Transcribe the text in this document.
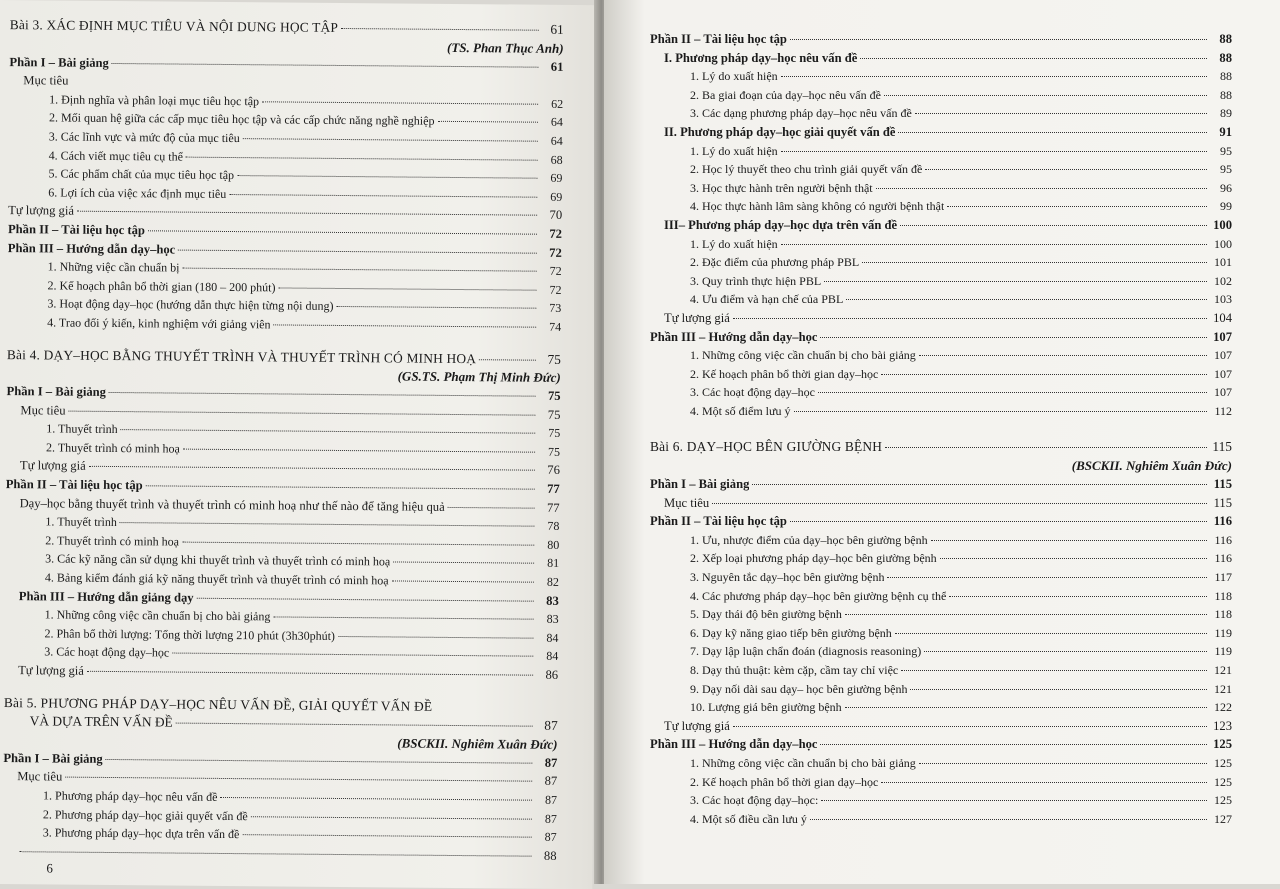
Bài 3. XÁC ĐỊNH MỤC TIÊU VÀ NỘI DUNG HỌC TẬP	61
(TS. Phan Thục Anh)
Phần I – Bài giảng	61
Mục tiêu
1. Định nghĩa và phân loại mục tiêu học tập	62
2. Mối quan hệ giữa các cấp mục tiêu học tập và các cấp chức năng nghề nghiệp	64
3. Các lĩnh vực và mức độ của mục tiêu	64
4. Cách viết mục tiêu cụ thể	68
5. Các phẩm chất của mục tiêu học tập	69
6. Lợi ích của việc xác định mục tiêu	69
Tự lượng giá	70
Phần II – Tài liệu học tập	72
Phần III – Hướng dẫn dạy–học	72
1. Những việc cần chuẩn bị	72
2. Kế hoạch phân bổ thời gian (180 – 200 phút)	72
3. Hoạt động dạy–học (hướng dẫn thực hiện từng nội dung)	73
4. Trao đổi ý kiến, kinh nghiệm với giảng viên	74
Bài 4. DẠY–HỌC BẰNG THUYẾT TRÌNH VÀ THUYẾT TRÌNH CÓ MINH HOẠ	75
(GS.TS. Phạm Thị Minh Đức)
Phần I – Bài giảng	75
Mục tiêu	75
1. Thuyết trình	75
2. Thuyết trình có minh hoạ	75
Tự lượng giá	76
Phần II – Tài liệu học tập	77
Dạy–học bằng thuyết trình và thuyết trình có minh hoạ như thế nào để tăng hiệu quả	77
1. Thuyết trình	78
2. Thuyết trình có minh hoạ	80
3. Các kỹ năng cần sử dụng khi thuyết trình và thuyết trình có minh hoạ	81
4. Bảng kiểm đánh giá kỹ năng thuyết trình và thuyết trình có minh hoạ	82
Phần III – Hướng dẫn giảng dạy	83
1. Những công việc cần chuẩn bị cho bài giảng	83
2. Phân bổ thời lượng: Tổng thời lượng 210 phút (3h30phút)	84
3. Các hoạt động dạy–học	84
Tự lượng giá	86
Bài 5. PHƯƠNG PHÁP DẠY–HỌC NÊU VẤN ĐỀ, GIẢI QUYẾT VẤN ĐỀ
VÀ DỰA TRÊN VẤN ĐỀ	87
(BSCKII. Nghiêm Xuân Đức)
Phần I – Bài giảng	87
Mục tiêu	87
1. Phương pháp dạy–học nêu vấn đề	87
2. Phương pháp dạy–học giải quyết vấn đề	87
3. Phương pháp dạy–học dựa trên vấn đề	87
88
6
Phần II – Tài liệu học tập	88
I. Phương pháp dạy–học nêu vấn đề	88
1. Lý do xuất hiện	88
2. Ba giai đoạn của dạy–học nêu vấn đề	88
3. Các dạng phương pháp dạy–học nêu vấn đề	89
II. Phương pháp dạy–học giải quyết vấn đề	91
1. Lý do xuất hiện	95
2. Học lý thuyết theo chu trình giải quyết vấn đề	95
3. Học thực hành trên người bệnh thật	96
4. Học thực hành lâm sàng không có người bệnh thật	99
III– Phương pháp dạy–học dựa trên vấn đề	100
1. Lý do xuất hiện	100
2. Đặc điểm của phương pháp PBL	101
3. Quy trình thực hiện PBL	102
4. Ưu điểm và hạn chế của PBL	103
Tự lượng giá	104
Phần III – Hướng dẫn dạy–học	107
1. Những công việc cần chuẩn bị cho bài giảng	107
2. Kế hoạch phân bổ thời gian dạy–học	107
3. Các hoạt động dạy–học	107
4. Một số điểm lưu ý	112
Bài 6. DẠY–HỌC BÊN GIƯỜNG BỆNH	115
(BSCKII. Nghiêm Xuân Đức)
Phần I – Bài giảng	115
Mục tiêu	115
Phần II – Tài liệu học tập	116
1. Ưu, nhược điểm của dạy–học bên giường bệnh	116
2. Xếp loại phương pháp dạy–học bên giường bệnh	116
3. Nguyên tắc dạy–học bên giường bệnh	117
4. Các phương pháp dạy–học bên giường bệnh cụ thể	118
5. Dạy thái độ bên giường bệnh	118
6. Dạy kỹ năng giao tiếp bên giường bệnh	119
7. Dạy lập luận chẩn đoán (diagnosis reasoning)	119
8. Dạy thủ thuật: kèm cặp, cầm tay chỉ việc	121
9. Dạy nối dài sau dạy– học bên giường bệnh	121
10. Lượng giá bên giường bệnh	122
Tự lượng giá	123
Phần III – Hướng dẫn dạy–học	125
1. Những công việc cần chuẩn bị cho bài giảng	125
2. Kế hoạch phân bổ thời gian dạy–học	125
3. Các hoạt động dạy–học:	125
4. Một số điều cần lưu ý	127
